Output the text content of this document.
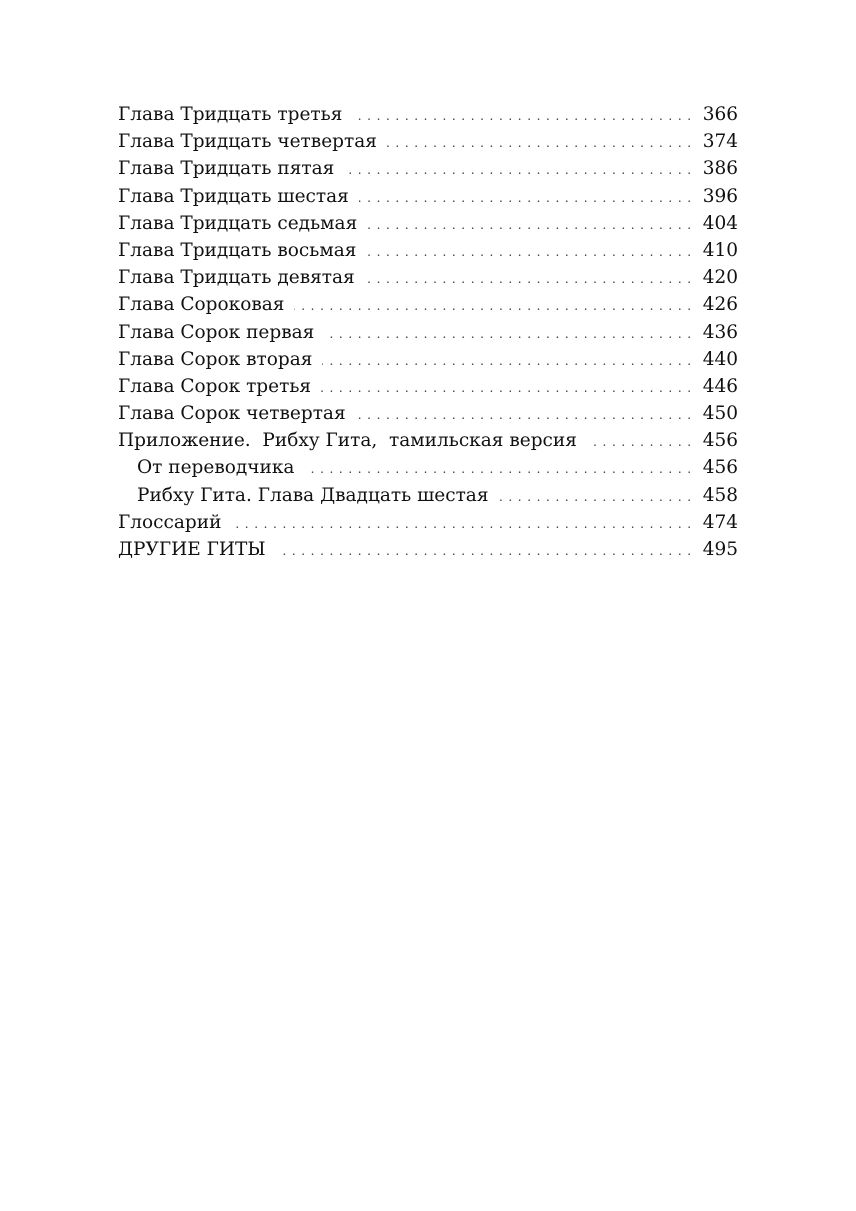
Глава Тридцать третья .....	366
Глава Тридцать четвертая .....	374
Глава Тридцать пятая .....	386
Глава Тридцать шестая .....	396
Глава Тридцать седьмая .....	404
Глава Тридцать восьмая .....	410
Глава Тридцать девятая .....	420
Глава Сороковая .....	426
Глава Сорок первая .....	436
Глава Сорок вторая .....	440
Глава Сорок третья .....	446
Глава Сорок четвертая .....	450
Приложение.  Рибху Гита,  тамильская версия .....	456
От переводчика .....	456
Рибху Гита. Глава Двадцать шестая .....	458
Глоссарий .....	474
ДРУГИЕ ГИТЫ .....	495
